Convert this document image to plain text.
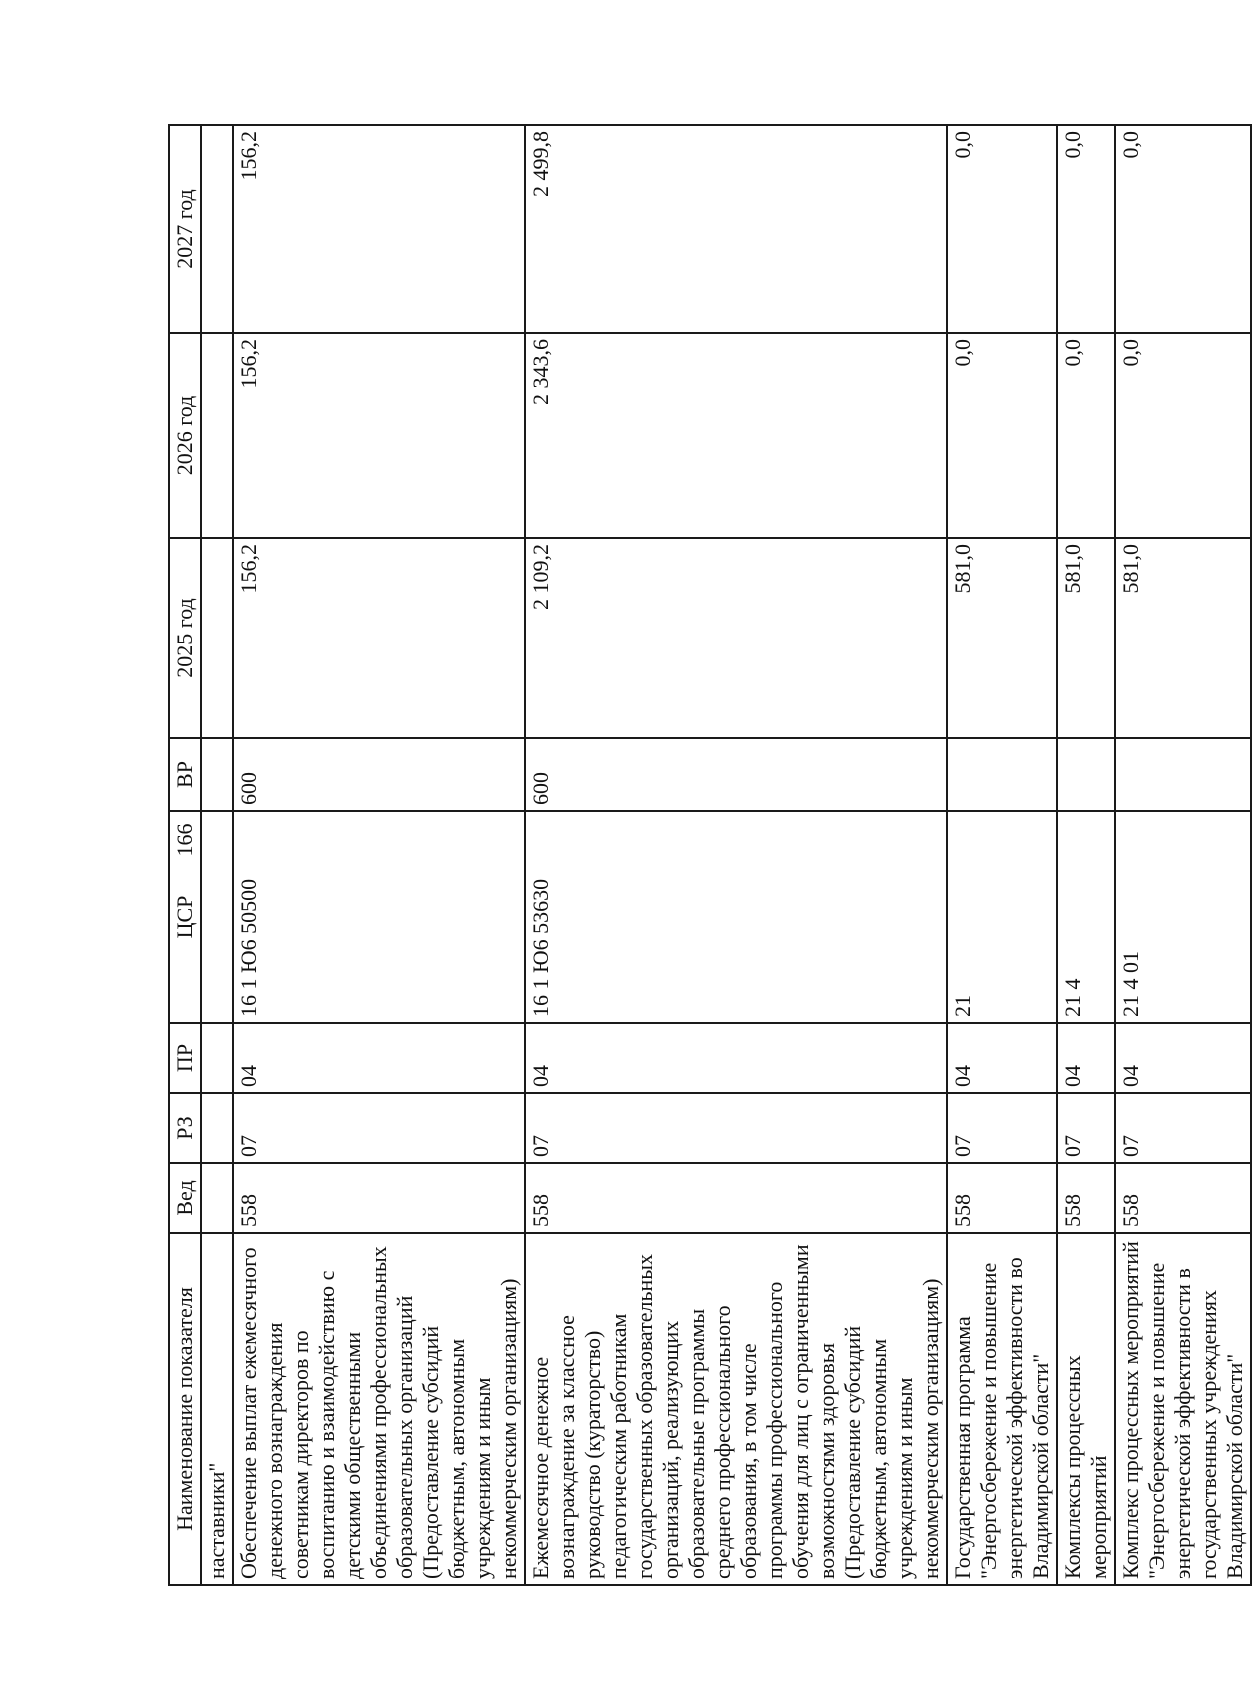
166
Наименование показателя	Вед	РЗ	ПР	ЦСР	ВР	2025 год	2026 год	2027 год
наставники"								
Обеспечение выплат ежемесячного денежного вознаграждения советникам директоров по воспитанию и взаимодействию с детскими общественными объединениями профессиональных образовательных организаций (Предоставление субсидий бюджетным, автономным учреждениям и иным некоммерческим организациям)	558	07	04	16 1 Ю6 50500	600	156,2	156,2	156,2
Ежемесячное денежное вознаграждение за классное руководство (кураторство) педагогическим работникам государственных образовательных организаций, реализующих образовательные программы среднего профессионального образования, в том числе программы профессионального обучения для лиц с ограниченными возможностями здоровья (Предоставление субсидий бюджетным, автономным учреждениям и иным некоммерческим организациям)	558	07	04	16 1 Ю6 53630	600	2 109,2	2 343,6	2 499,8
Государственная программа "Энергосбережение и повышение энергетической эффективности во Владимирской области"	558	07	04	21		581,0	0,0	0,0
Комплексы процессных мероприятий	558	07	04	21 4		581,0	0,0	0,0
Комплекс процессных мероприятий "Энергосбережение и повышение энергетической эффективности в государственных учреждениях Владимирской области"	558	07	04	21 4 01		581,0	0,0	0,0
